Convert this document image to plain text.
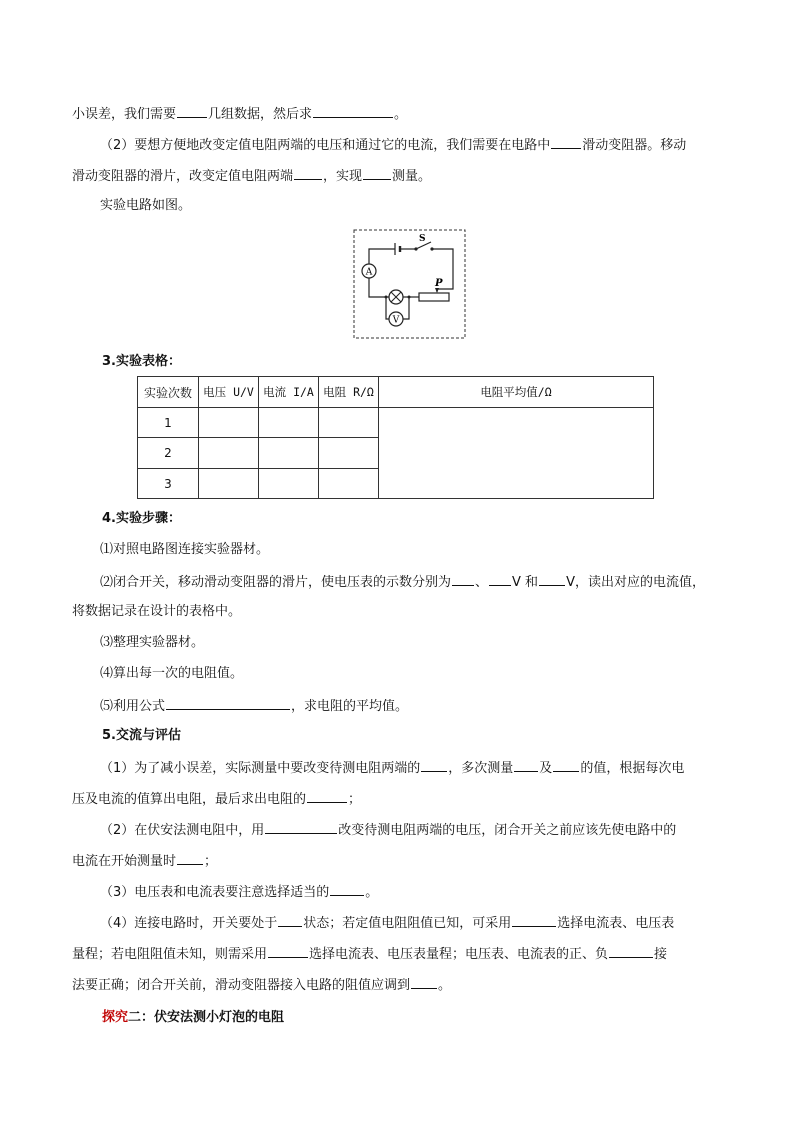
小误差，我们需要 几组数据，然后求	。
（2）要想方便地改变定值电阻两端的电压和通过它的电流，我们需要在电路中 滑动变阻器。移动
滑动变阻器的滑片，改变定值电阻两端 ，实现 测量。
实验电路如图。
S
A
P
V
3.实验表格：
实验次数	电压 U/V	电流 I/A	电阻 R/Ω	电阻平均值/Ω
1				
2				
3				
4.实验步骤：
⑴对照电路图连接实验器材。
⑵闭合开关，移动滑动变阻器的滑片，使电压表的示数分别为 、 V 和 V，读出对应的电流值，
将数据记录在设计的表格中。
⑶整理实验器材。
⑷算出每一次的电阻值。
⑸利用公式	，求电阻的平均值。
5.交流与评估
（1）为了减小误差，实际测量中要改变待测电阻两端的 ，多次测量 及 的值，根据每次电
压及电流的值算出电阻，最后求出电阻的	；
（2）在伏安法测电阻中，用	改变待测电阻两端的电压，闭合开关之前应该先使电路中的
电流在开始测量时 ；
（3）电压表和电流表要注意选择适当的	。
（4）连接电路时，开关要处于 状态；若定值电阻阻值已知，可采用	选择电流表、电压表
量程；若电阻阻值未知，则需采用	选择电流表、电压表量程；电压表、电流表的正、负	接
法要正确；闭合开关前，滑动变阻器接入电路的阻值应调到 。
探究二：伏安法测小灯泡的电阻
